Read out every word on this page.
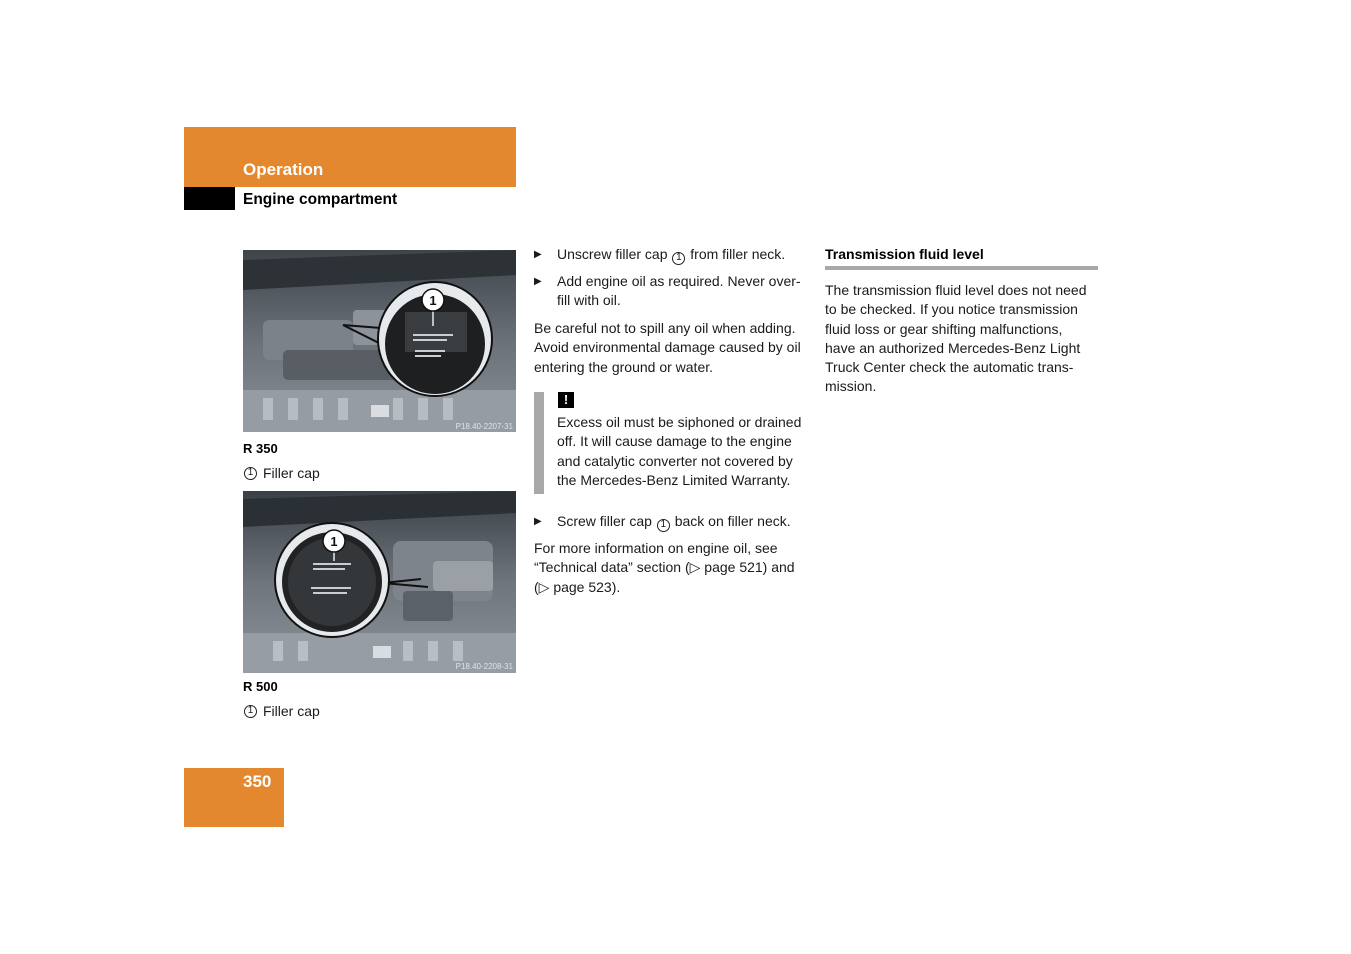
Operation
Engine compartment
1
P18.40-2207-31
R 350
1 Filler cap
1
P18.40-2208-31
R 500
1 Filler cap
▶	Unscrew filler cap 1 from filler neck.
▶	Add engine oil as required. Never over-
fill with oil.
Be careful not to spill any oil when adding.
Avoid environmental damage caused by oil
entering the ground or water.
!
Excess oil must be siphoned or drained
off. It will cause damage to the engine
and catalytic converter not covered by
the Mercedes-Benz Limited Warranty.
▶	Screw filler cap 1 back on filler neck.
For more information on engine oil, see
“Technical data” section (▷ page 521) and
(▷ page 523).
Transmission fluid level
The transmission fluid level does not need
to be checked. If you notice transmission
fluid loss or gear shifting malfunctions,
have an authorized Mercedes-Benz Light
Truck Center check the automatic trans-
mission.
350
